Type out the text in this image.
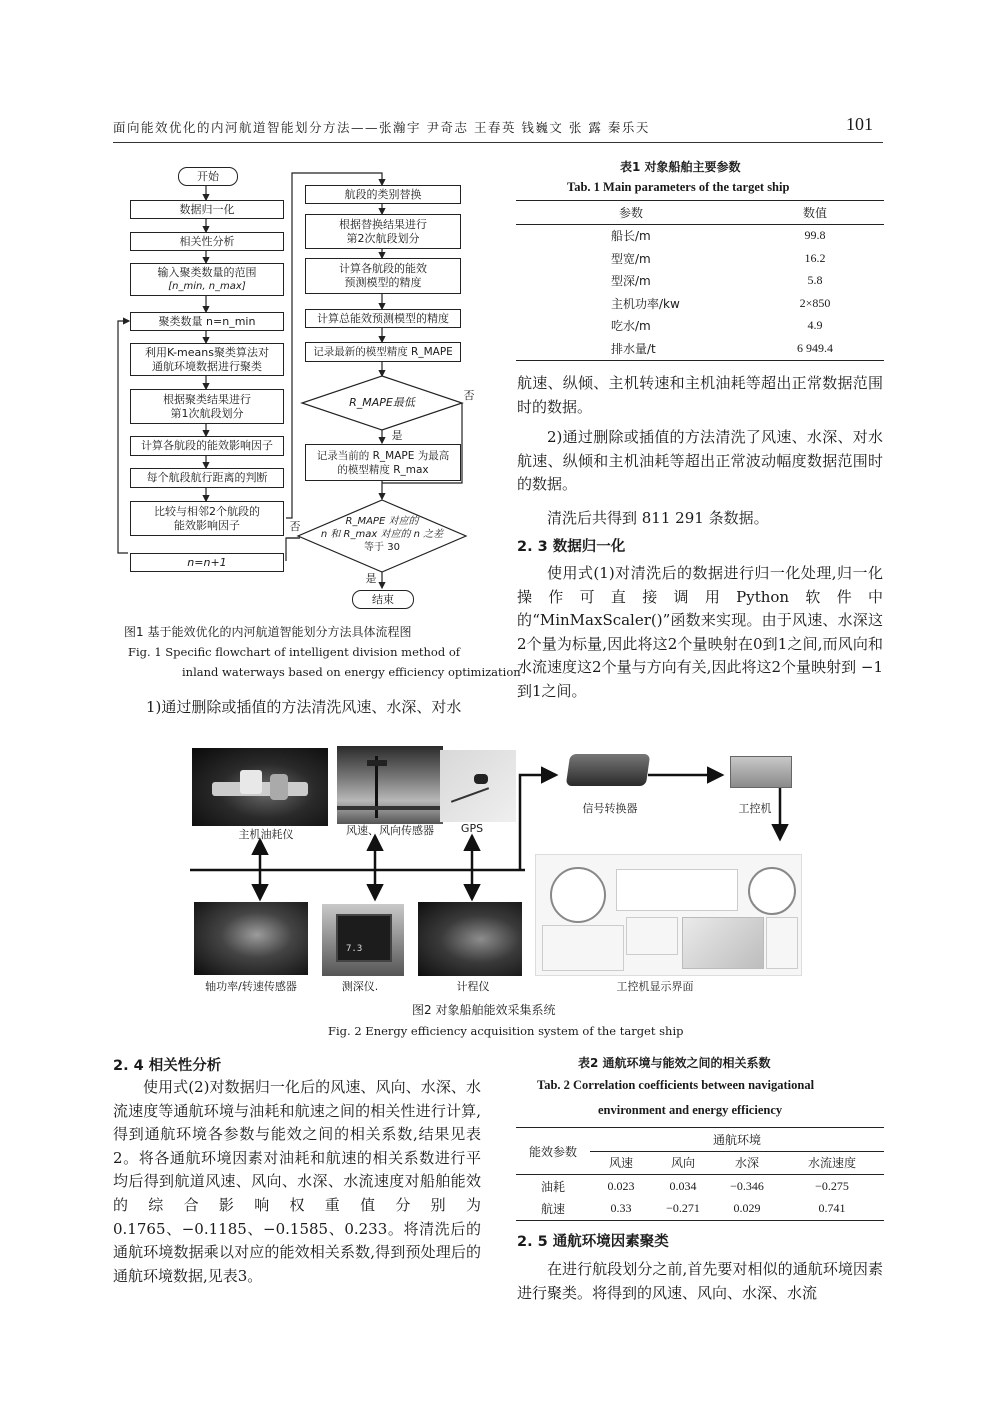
面向能效优化的内河航道智能划分方法——张瀚宇 尹奇志 王春英 钱巍文 张 露 秦乐天	101
开始
数据归一化
相关性分析
输入聚类数量的范围
[n_min, n_max]
聚类数量 n=n_min
利用K-means聚类算法对
通航环境数据进行聚类
根据聚类结果进行
第1次航段划分
计算各航段的能效影响因子
每个航段航行距离的判断
比较与相邻2个航段的
能效影响因子
n=n+1
航段的类别替换
根据替换结果进行
第2次航段划分
计算各航段的能效
预测模型的精度
计算总能效预测模型的精度
记录最新的模型精度 R_MAPE
R_MAPE最低
否
是
记录当前的 R_MAPE 为最高
的模型精度 R_max
R_MAPE 对应的
n 和 R_max 对应的 n 之差
等于 30
否
是
结束
图1 基于能效优化的内河航道智能划分方法具体流程图
Fig. 1 Specific flowchart of intelligent division method of
inland waterways based on energy efficiency optimization
1)通过删除或插值的方法清洗风速、水深、对水
表1 对象船舶主要参数
Tab. 1 Main parameters of the target ship
参数	数值
船长/m	99.8
型宽/m	16.2
型深/m	5.8
主机功率/kw	2×850
吃水/m	4.9
排水量/t	6 949.4
航速、纵倾、主机转速和主机油耗等超出正常数据范围时的数据。
2)通过删除或插值的方法清洗了风速、水深、对水航速、纵倾和主机油耗等超出正常波动幅度数据范围时的数据。
清洗后共得到 811 291 条数据。
2. 3 数据归一化
使用式(1)对清洗后的数据进行归一化处理,归一化操作可直接调用Python软件中的“MinMaxScaler()”函数来实现。由于风速、水深这2个量为标量,因此将这2个量映射在0到1之间,而风向和水流速度这2个量与方向有关,因此将这2个量映射到 −1到1之间。
7.3
主机油耗仪	风速、风向传感器	GPS
信号转换器	工控机
轴功率/转速传感器	测深仪.	计程仪	工控机显示界面
图2 对象船舶能效采集系统
Fig. 2 Energy efficiency acquisition system of the target ship
2. 4 相关性分析
使用式(2)对数据归一化后的风速、风向、水深、水流速度等通航环境与油耗和航速之间的相关性进行计算,得到通航环境各参数与能效之间的相关系数,结果见表2。将各通航环境因素对油耗和航速的相关系数进行平均后得到航道风速、风向、水深、水流速度对船舶能效的综合影响权重值分别为0.1765、−0.1185、−0.1585、0.233。将清洗后的通航环境数据乘以对应的能效相关系数,得到预处理后的通航环境数据,见表3。
表2 通航环境与能效之间的相关系数
Tab. 2 Correlation coefficients between navigational
environment and energy efficiency
能效参数	通航环境			
	风速	风向	水深	水流速度
油耗	0.023	0.034	−0.346	−0.275
航速	0.33	−0.271	0.029	0.741
2. 5 通航环境因素聚类
在进行航段划分之前,首先要对相似的通航环境因素进行聚类。将得到的风速、风向、水深、水流
